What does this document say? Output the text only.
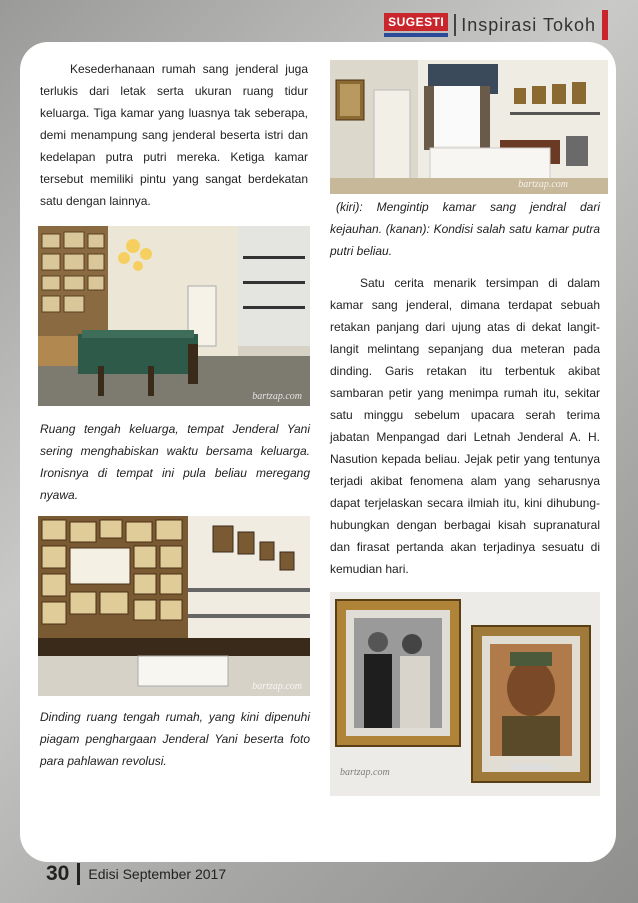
SUGESTI Inspirasi Tokoh

Kesederhanaan rumah sang jenderal juga terlukis dari letak serta ukuran ruang tidur keluarga. Tiga kamar yang luasnya tak seberapa, demi menampung sang jenderal beserta istri dan kedelapan putra putri mereka. Ketiga kamar tersebut memiliki pintu yang sangat berdekatan satu dengan lainnya.

bartzap.com
Ruang tengah keluarga, tempat Jenderal Yani sering menghabiskan waktu bersama keluarga. Ironisnya di tempat ini pula beliau meregang nyawa.
bartzap.com
Dinding ruang tengah rumah, yang kini dipenuhi piagam penghargaan Jenderal Yani beserta foto para pahlawan revolusi.
bartzap.com
(kiri): Mengintip kamar sang jendral dari kejauhan. (kanan): Kondisi salah satu kamar putra putri beliau.

Satu cerita menarik tersimpan di dalam kamar sang jenderal, dimana terdapat sebuah retakan panjang dari ujung atas di dekat langit-langit melintang sepanjang dua meteran pada dinding. Garis retakan itu terbentuk akibat sambaran petir yang menimpa rumah itu, sekitar satu minggu sebelum upacara serah terima jabatan Menpangad dari Letnah Jenderal A. H. Nasution kepada beliau. Jejak petir yang tentunya terjadi akibat fenomena alam yang seharusnya dapat terjelaskan secara ilmiah itu, kini dihubung-hubungkan dengan berbagai kisah supranatural dan firasat pertanda akan terjadinya sesuatu di kemudian hari.

bartzap.com
30 Edisi September 2017
